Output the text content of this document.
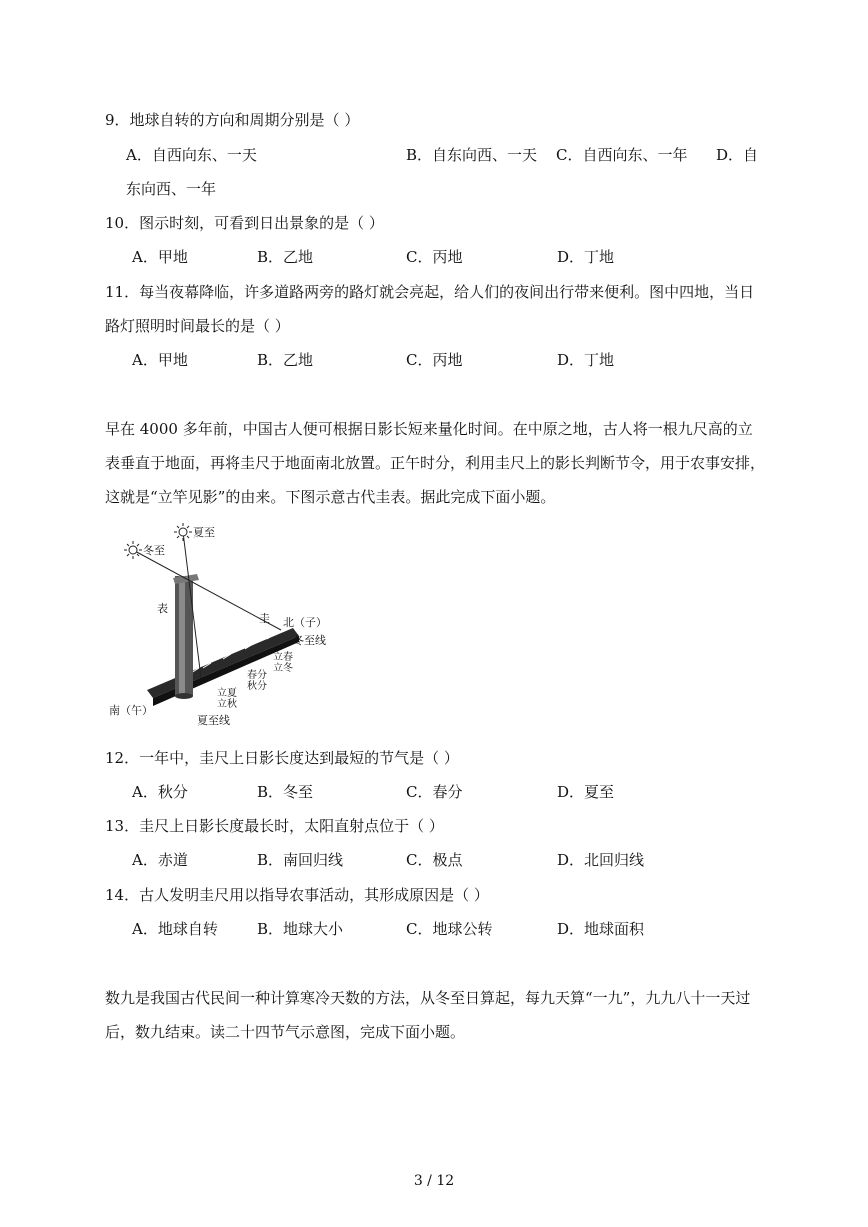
9．地球自转的方向和周期分别是（ ）
A．自西向东、一天	B．自东向西、一天 C．自西向东、一年 D．自
东向西、一年
10．图示时刻，可看到日出景象的是（ ）
A．甲地	B．乙地	C．丙地	D．丁地
11．每当夜幕降临，许多道路两旁的路灯就会亮起，给人们的夜间出行带来便利。图中四地，当日
路灯照明时间最长的是（ ）
A．甲地	B．乙地	C．丙地	D．丁地
早在 4000 多年前，中国古人便可根据日影长短来量化时间。在中原之地，古人将一根九尺高的立
表垂直于地面，再将圭尺于地面南北放置。正午时分，利用圭尺上的影长判断节令，用于农事安排，
这就是“立竿见影”的由来。下图示意古代圭表。据此完成下面小题。
夏至
冬至
表
圭 北（子）
冬至线
立春
立冬
春分
秋分
立夏
立秋
南（午）
夏至线
12．一年中，圭尺上日影长度达到最短的节气是（ ）
A．秋分	B．冬至	C．春分	D．夏至
13．圭尺上日影长度最长时，太阳直射点位于（ ）
A．赤道	B．南回归线	C．极点	D．北回归线
14．古人发明圭尺用以指导农事活动，其形成原因是（ ）
A．地球自转	B．地球大小	C．地球公转	D．地球面积
数九是我国古代民间一种计算寒冷天数的方法，从冬至日算起，每九天算“一九”，九九八十一天过
后，数九结束。读二十四节气示意图，完成下面小题。
3 / 12
